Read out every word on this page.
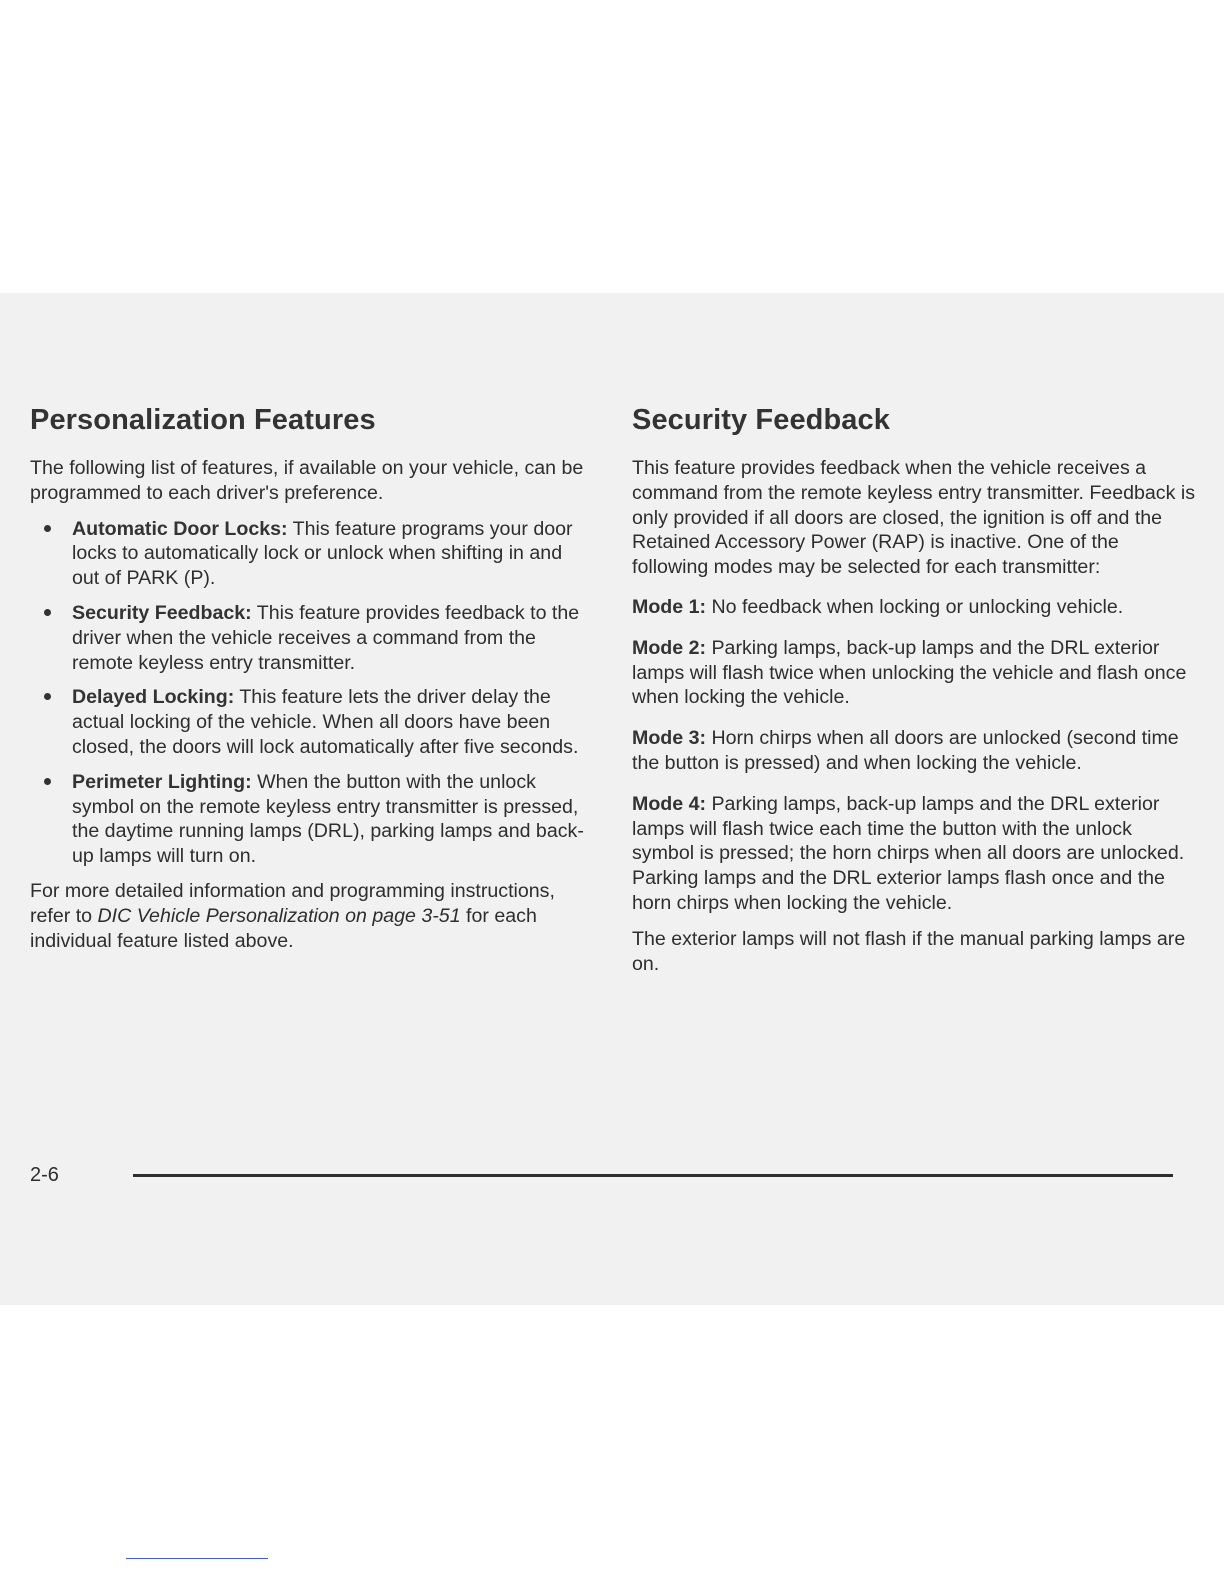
Personalization Features

The following list of features, if available on your vehicle, can be programmed to each driver's preference.

Automatic Door Locks: This feature programs your door locks to automatically lock or unlock when shifting in and out of PARK (P).
Security Feedback: This feature provides feedback to the driver when the vehicle receives a command from the remote keyless entry transmitter.
Delayed Locking: This feature lets the driver delay the actual locking of the vehicle. When all doors have been closed, the doors will lock automatically after five seconds.
Perimeter Lighting: When the button with the unlock symbol on the remote keyless entry transmitter is pressed, the daytime running lamps (DRL), parking lamps and back-up lamps will turn on.

For more detailed information and programming instructions, refer to DIC Vehicle Personalization on page 3-51 for each individual feature listed above.

Security Feedback

This feature provides feedback when the vehicle receives a command from the remote keyless entry transmitter. Feedback is only provided if all doors are closed, the ignition is off and the Retained Accessory Power (RAP) is inactive. One of the following modes may be selected for each transmitter:

Mode 1: No feedback when locking or unlocking vehicle.

Mode 2: Parking lamps, back-up lamps and the DRL exterior lamps will flash twice when unlocking the vehicle and flash once when locking the vehicle.

Mode 3: Horn chirps when all doors are unlocked (second time the button is pressed) and when locking the vehicle.

Mode 4: Parking lamps, back-up lamps and the DRL exterior lamps will flash twice each time the button with the unlock symbol is pressed; the horn chirps when all doors are unlocked. Parking lamps and the DRL exterior lamps flash once and the horn chirps when locking the vehicle.

The exterior lamps will not flash if the manual parking lamps are on.

2-6
